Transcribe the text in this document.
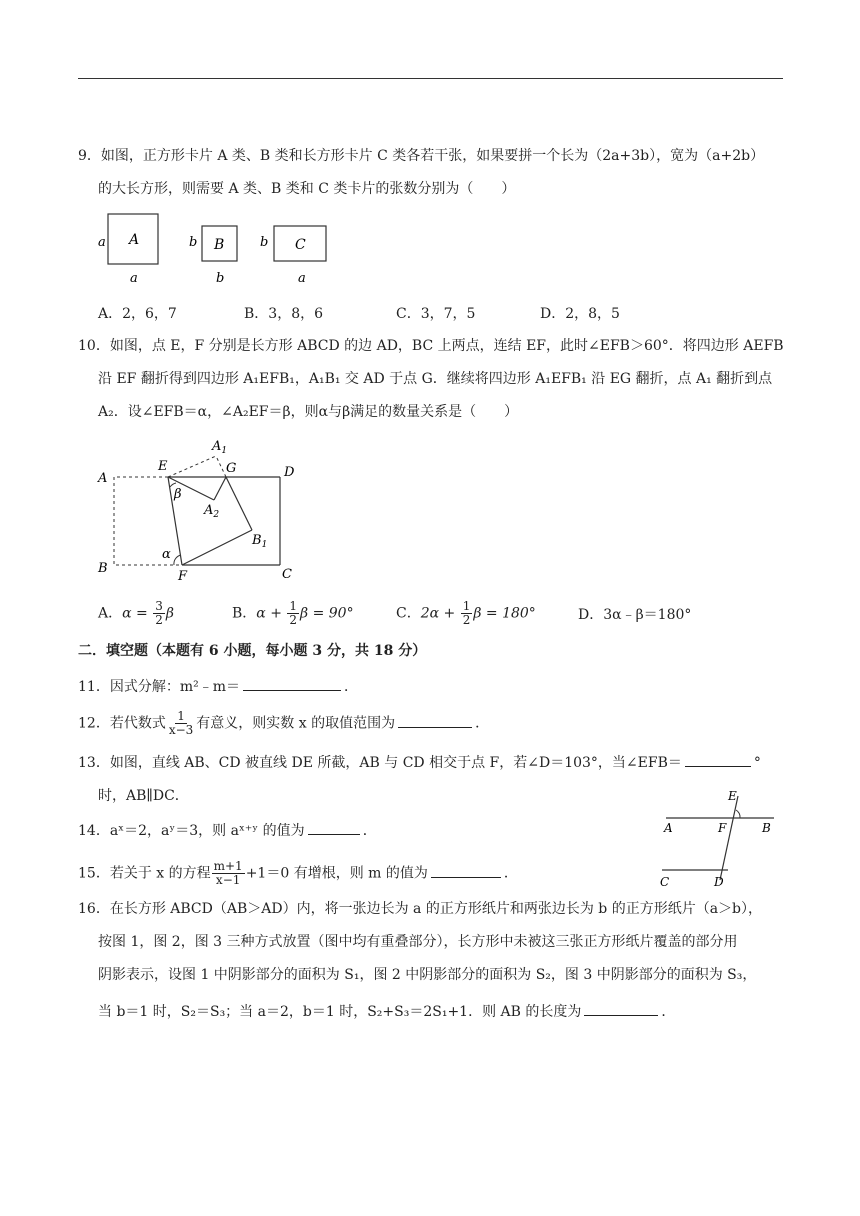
9．如图，正方形卡片 A 类、B 类和长方形卡片 C 类各若干张，如果要拼一个长为（2a+3b），宽为（a+2b）
的大长方形，则需要 A 类、B 类和 C 类卡片的张数分别为（　　）
a A
a
b B
b
b C
a
A．2，6，7	B．3，8，6	C．3，7，5	D．2，8，5
10．如图，点 E，F 分别是长方形 ABCD 的边 AD，BC 上两点，连结 EF，此时∠EFB＞60°．将四边形 AEFB
沿 EF 翻折得到四边形 A₁EFB₁，A₁B₁ 交 AD 于点 G．继续将四边形 A₁EFB₁ 沿 EG 翻折，点 A₁ 翻折到点
A₂．设∠EFB＝α，∠A₂EF＝β，则α与β满足的数量关系是（　　）
A
E
$A_1$
G	D
β
$A_2$
$B_1$
α
B
F	C
A．$\alpha = \frac{3}{2}$ β	B．$\alpha + \frac{1}{2}$ β = 90°	C．$2\alpha + \frac{1}{2}$ β = 180°	D．3α﹣β＝180°
二．填空题（本题有 6 小题，每小题 3 分，共 18 分）
11．因式分解：m²﹣m＝	．
12．若代数式 $\frac{1}{x-3}$ 有意义，则实数 x 的取值范围为	．
13．如图，直线 AB、CD 被直线 DE 所截，AB 与 CD 相交于点 F，若∠D＝103°，当∠EFB＝	°
时，AB∥DC．	E
A	F	B
C	D
14．aˣ＝2，aʸ＝3，则 aˣ⁺ʸ 的值为	．
15．若关于 x 的方程 $\frac{m+1}{x-1} +1=0$ 有增根，则 m 的值为	．
16．在长方形 ABCD（AB＞AD）内，将一张边长为 a 的正方形纸片和两张边长为 b 的正方形纸片（a＞b），
按图 1，图 2，图 3 三种方式放置（图中均有重叠部分），长方形中未被这三张正方形纸片覆盖的部分用
阴影表示，设图 1 中阴影部分的面积为 S₁，图 2 中阴影部分的面积为 S₂，图 3 中阴影部分的面积为 S₃，
当 b＝1 时，S₂＝S₃；当 a＝2，b＝1 时，S₂+S₃＝2S₁+1．则 AB 的长度为	．
